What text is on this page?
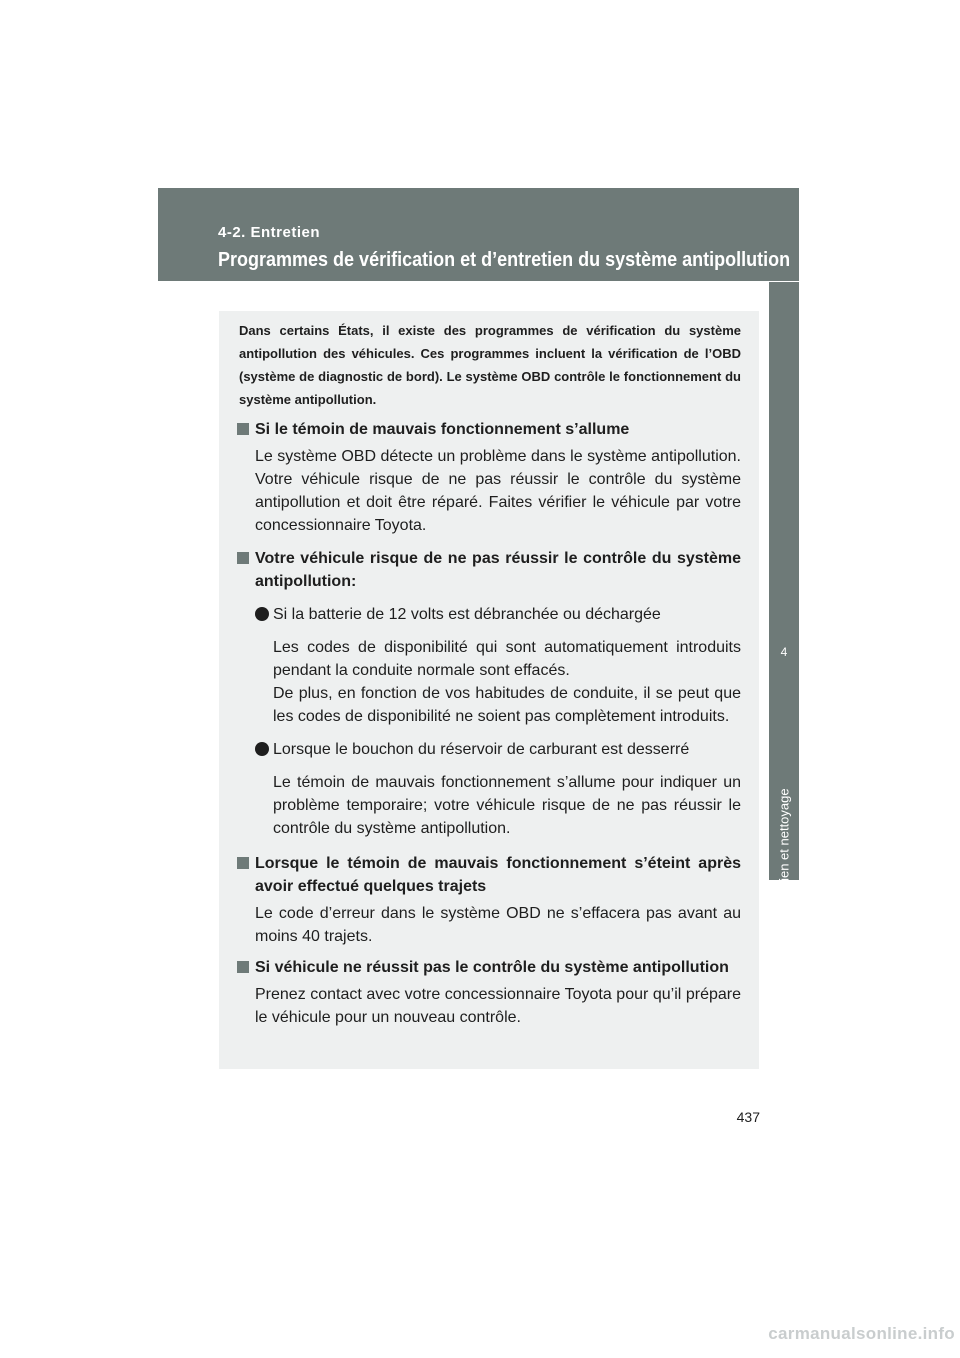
4-2. Entretien
Programmes de vérification et d’entretien du système antipollution
4
Entretien et nettoyage

Dans certains États, il existe des programmes de vérification du système antipollution des véhicules. Ces programmes incluent la vérification de l’OBD (système de diagnostic de bord). Le système OBD contrôle le fonctionnement du système antipollution.

Si le témoin de mauvais fonctionnement s’allume
Le système OBD détecte un problème dans le système antipollution. Votre véhicule risque de ne pas réussir le contrôle du système antipollution et doit être réparé. Faites vérifier le véhicule par votre concessionnaire Toyota.
Votre véhicule risque de ne pas réussir le contrôle du système antipollution:
Si la batterie de 12 volts est débranchée ou déchargée
Les codes de disponibilité qui sont automatiquement introduits pendant la conduite normale sont effacés.
De plus, en fonction de vos habitudes de conduite, il se peut que les codes de disponibilité ne soient pas complètement introduits.
Lorsque le bouchon du réservoir de carburant est desserré
Le témoin de mauvais fonctionnement s’allume pour indiquer un problème temporaire; votre véhicule risque de ne pas réussir le contrôle du système antipollution.
Lorsque le témoin de mauvais fonctionnement s’éteint après avoir effectué quelques trajets
Le code d’erreur dans le système OBD ne s’effacera pas avant au moins 40 trajets.
Si véhicule ne réussit pas le contrôle du système antipollution
Prenez contact avec votre concessionnaire Toyota pour qu’il prépare le véhicule pour un nouveau contrôle.
437
carmanualsonline.info
